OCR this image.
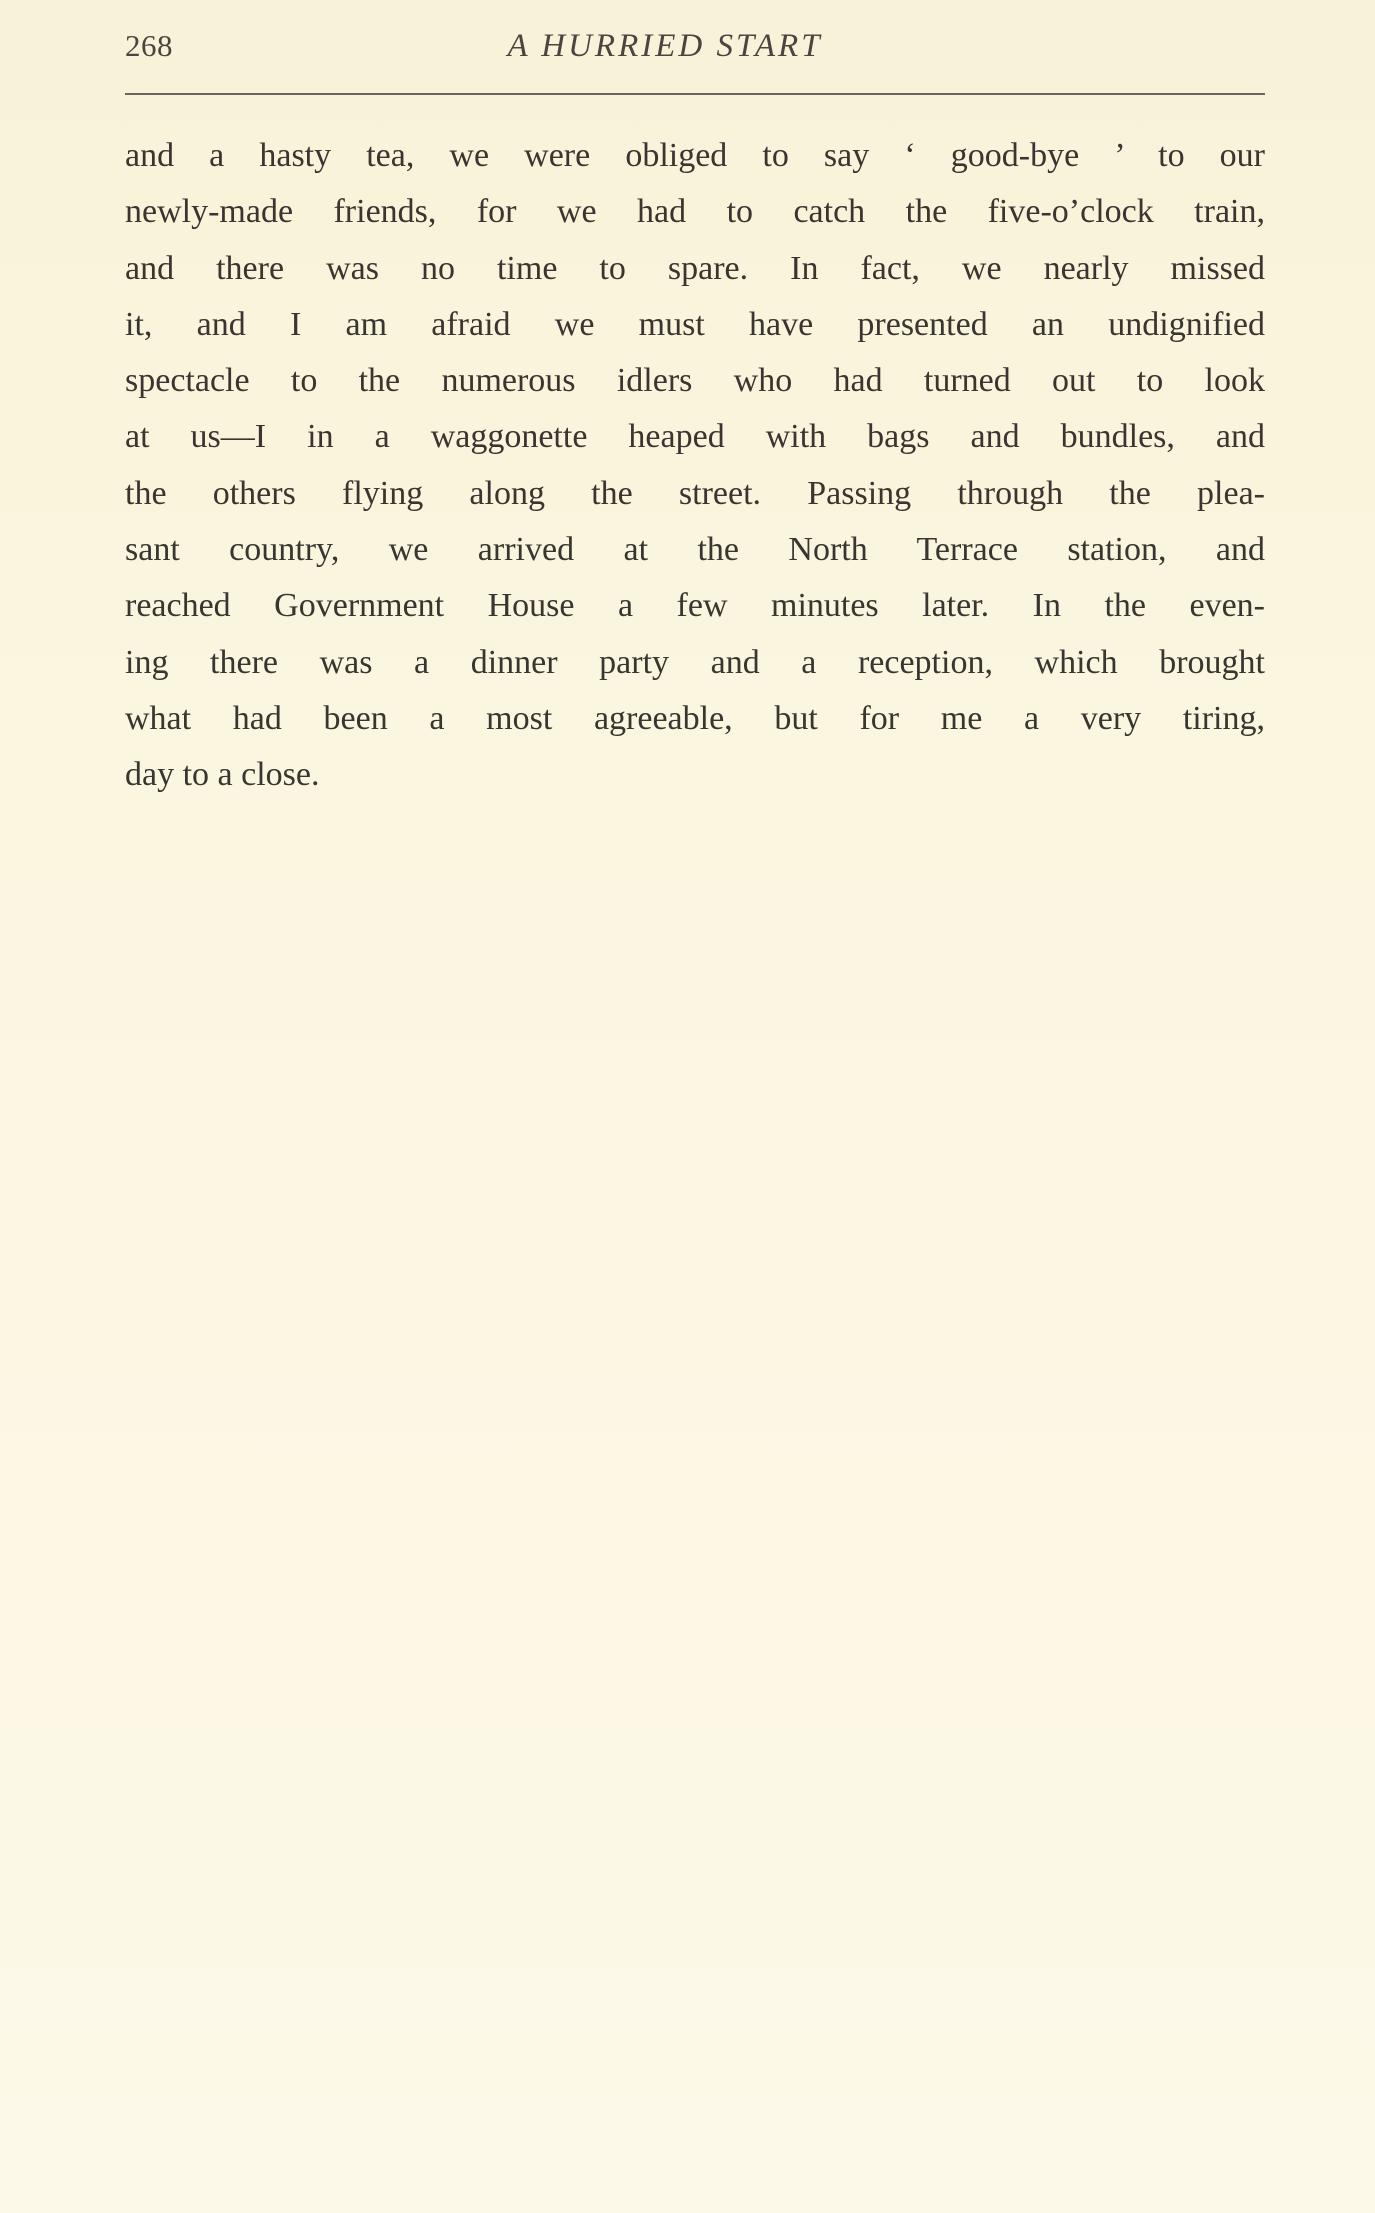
268	A HURRIED START
and a hasty tea, we were obliged to say ‘ good-bye ’ to our
newly-made friends, for we had to catch the five-o’clock train,
and there was no time to spare. In fact, we nearly missed
it, and I am afraid we must have presented an undignified
spectacle to the numerous idlers who had turned out to look
at us—I in a waggonette heaped with bags and bundles, and
the others flying along the street. Passing through the plea-
sant country, we arrived at the North Terrace station, and
reached Government House a few minutes later. In the even-
ing there was a dinner party and a reception, which brought
what had been a most agreeable, but for me a very tiring,
day to a close.
